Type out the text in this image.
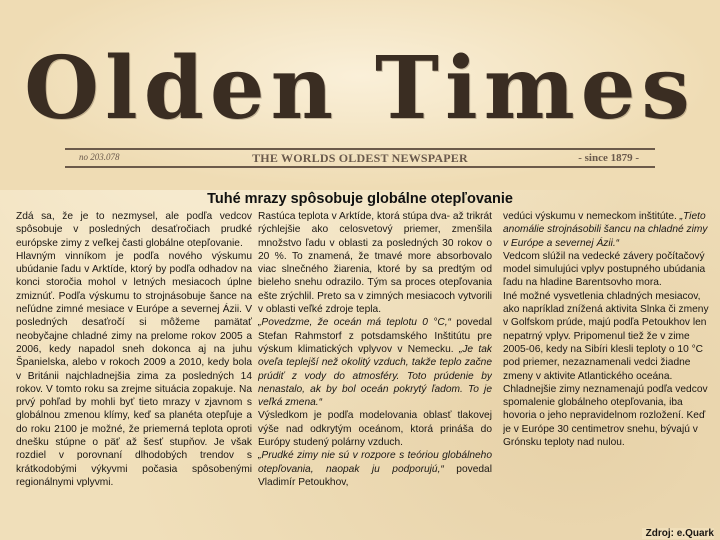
Olden Times
no 203.078	THE WORLDS OLDEST NEWSPAPER	- since 1879 -
Tuhé mrazy spôsobuje globálne otepľovanie

Zdá sa, že je to nezmysel, ale podľa vedcov spôsobuje v posledných desaťročiach prudké európske zimy z veľkej časti globálne otepľovanie.

Hlavným vinníkom je podľa nového výskumu ubúdanie ľadu v Arktíde, ktorý by podľa odhadov na konci storočia mohol v letných mesiacoch úplne zmiznúť. Podľa výskumu to strojnásobuje šance na neľúdne zimné mesiace v Európe a severnej Ázii. V posledných desaťročí si môžeme pamätať neobyčajne chladné zimy na prelome rokov 2005 a 2006, kedy napadol sneh dokonca aj na juhu Španielska, alebo v rokoch 2009 a 2010, kedy bola v Británii najchladnejšia zima za posledných 14 rokov. V tomto roku sa zrejme situácia zopakuje. Na prvý pohľad by mohli byť tieto mrazy v zjavnom s globálnou zmenou klímy, keď sa planéta otepľuje a do roku 2100 je možné, že priemerná teplota oproti dnešku stúpne o päť až šesť stupňov. Je však rozdiel v porovnaní dlhodobých trendov s krátkodobými výkyvmi počasia spôsobenými regionálnymi vplyvmi.

Rastúca teplota v Arktíde, ktorá stúpa dva- až trikrát rýchlejšie ako celosvetový priemer, zmenšila množstvo ľadu v oblasti za posledných 30 rokov o 20 %. To znamená, že tmavé more absorbovalo viac slnečného žiarenia, ktoré by sa predtým od bieleho snehu odrazilo. Tým sa proces otepľovania ešte zrýchlil. Preto sa v zimných mesiacoch vytvorili v oblasti veľké zdroje tepla.

„Povedzme, že oceán má teplotu 0 °C,“ povedal Stefan Rahmstorf z potsdamského Inštitútu pre výskum klimatických vplyvov v Nemecku. „Je tak oveľa teplejší než okolitý vzduch, takže teplo začne prúdiť z vody do atmosféry. Toto prúdenie by nenastalo, ak by bol oceán pokrytý ľadom. To je veľká zmena.“

Výsledkom je podľa modelovania oblasť tlakovej výše nad odkrytým oceánom, ktorá prináša do Európy studený polárny vzduch.

„Prudké zimy nie sú v rozpore s teóriou globálneho otepľovania, naopak ju podporujú,“ povedal Vladimír Petoukhov,

vedúci výskumu v nemeckom inštitúte. „Tieto anomálie strojnásobili šancu na chladné zimy v Európe a severnej Ázii.“

Vedcom slúžil na vedecké závery počítačový model simulujúci vplyv postupného ubúdania ľadu na hladine Barentsovho mora.

Iné možné vysvetlenia chladných mesiacov, ako napríklad znížená aktivita Slnka či zmeny v Golfskom prúde, majú podľa Petoukhov len nepatrný vplyv. Pripomenul tiež že v zime 2005-06, kedy na Sibíri klesli teploty o 10 °C pod priemer, nezaznamenali vedci žiadne zmeny v aktivite Atlantického oceána.

Chladnejšie zimy neznamenajú podľa vedcov spomalenie globálneho otepľovania, iba hovoria o jeho nepravidelnom rozložení. Keď je v Európe 30 centimetrov snehu, bývajú v Grónsku teploty nad nulou.

Zdroj: e.Quark
